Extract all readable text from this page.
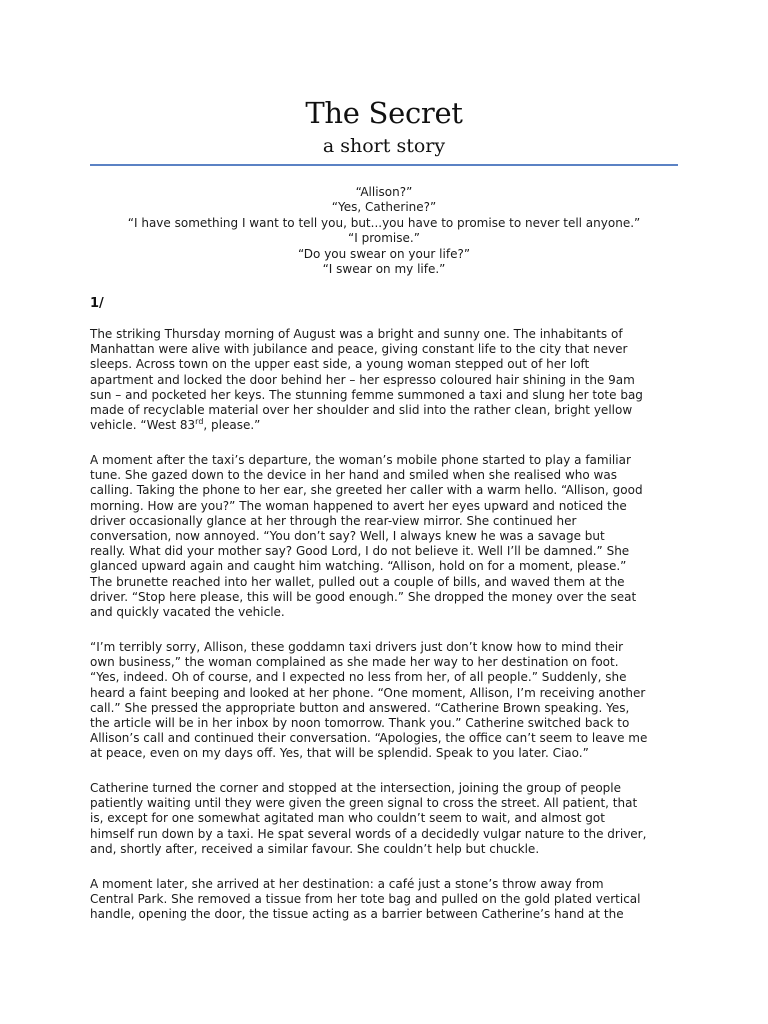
The Secret
a short story
“Allison?”
“Yes, Catherine?”
“I have something I want to tell you, but...you have to promise to never tell anyone.”
“I promise.”
“Do you swear on your life?”
“I swear on my life.”
1/
The striking Thursday morning of August was a bright and sunny one. The inhabitants of
Manhattan were alive with jubilance and peace, giving constant life to the city that never
sleeps. Across town on the upper east side, a young woman stepped out of her loft
apartment and locked the door behind her – her espresso coloured hair shining in the 9am
sun – and pocketed her keys. The stunning femme summoned a taxi and slung her tote bag
made of recyclable material over her shoulder and slid into the rather clean, bright yellow
vehicle. “West 83rd, please.”
A moment after the taxi’s departure, the woman’s mobile phone started to play a familiar
tune. She gazed down to the device in her hand and smiled when she realised who was
calling. Taking the phone to her ear, she greeted her caller with a warm hello. “Allison, good
morning. How are you?” The woman happened to avert her eyes upward and noticed the
driver occasionally glance at her through the rear-view mirror. She continued her
conversation, now annoyed. “You don’t say? Well, I always knew he was a savage but
really. What did your mother say? Good Lord, I do not believe it. Well I’ll be damned.” She
glanced upward again and caught him watching. “Allison, hold on for a moment, please.”
The brunette reached into her wallet, pulled out a couple of bills, and waved them at the
driver. “Stop here please, this will be good enough.” She dropped the money over the seat
and quickly vacated the vehicle.
“I’m terribly sorry, Allison, these goddamn taxi drivers just don’t know how to mind their
own business,” the woman complained as she made her way to her destination on foot.
“Yes, indeed. Oh of course, and I expected no less from her, of all people.” Suddenly, she
heard a faint beeping and looked at her phone. “One moment, Allison, I’m receiving another
call.” She pressed the appropriate button and answered. “Catherine Brown speaking. Yes,
the article will be in her inbox by noon tomorrow. Thank you.” Catherine switched back to
Allison’s call and continued their conversation. “Apologies, the office can’t seem to leave me
at peace, even on my days off. Yes, that will be splendid. Speak to you later. Ciao.”
Catherine turned the corner and stopped at the intersection, joining the group of people
patiently waiting until they were given the green signal to cross the street. All patient, that
is, except for one somewhat agitated man who couldn’t seem to wait, and almost got
himself run down by a taxi. He spat several words of a decidedly vulgar nature to the driver,
and, shortly after, received a similar favour. She couldn’t help but chuckle.
A moment later, she arrived at her destination: a café just a stone’s throw away from
Central Park. She removed a tissue from her tote bag and pulled on the gold plated vertical
handle, opening the door, the tissue acting as a barrier between Catherine’s hand at the
